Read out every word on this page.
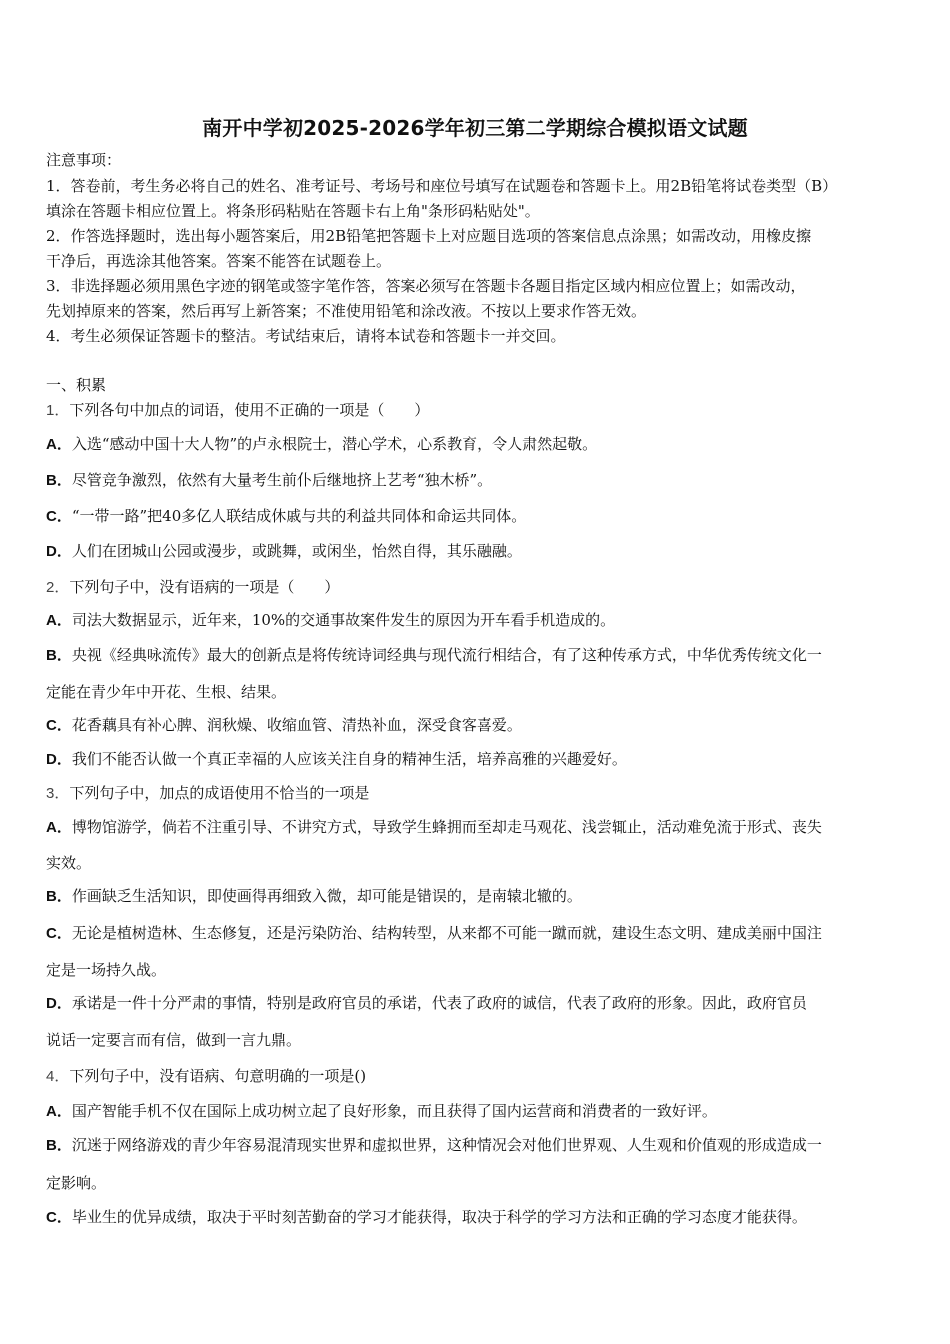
南开中学初2025-2026学年初三第二学期综合模拟语文试题
注意事项：
1．答卷前，考生务必将自己的姓名、准考证号、考场号和座位号填写在试题卷和答题卡上。用2B铅笔将试卷类型（B）
填涂在答题卡相应位置上。将条形码粘贴在答题卡右上角"条形码粘贴处"。
2．作答选择题时，选出每小题答案后，用2B铅笔把答题卡上对应题目选项的答案信息点涂黑；如需改动，用橡皮擦
干净后，再选涂其他答案。答案不能答在试题卷上。
3．非选择题必须用黑色字迹的钢笔或签字笔作答，答案必须写在答题卡各题目指定区域内相应位置上；如需改动，
先划掉原来的答案，然后再写上新答案；不准使用铅笔和涂改液。不按以上要求作答无效。
4．考生必须保证答题卡的整洁。考试结束后，请将本试卷和答题卡一并交回。
一、积累
1．下列各句中加点的词语，使用不正确的一项是（　　）
A．入选“感动中国十大人物”的卢永根院士，潜心学术，心系教育，令人肃然起敬。
B．尽管竞争激烈，依然有大量考生前仆后继地挤上艺考“独木桥”。
C．“一带一路”把40多亿人联结成休戚与共的利益共同体和命运共同体。
D．人们在团城山公园或漫步，或跳舞，或闲坐，怡然自得，其乐融融。
2．下列句子中，没有语病的一项是（　　）
A．司法大数据显示，近年来，10%的交通事故案件发生的原因为开车看手机造成的。
B．央视《经典咏流传》最大的创新点是将传统诗词经典与现代流行相结合，有了这种传承方式，中华优秀传统文化一
定能在青少年中开花、生根、结果。
C．花香藕具有补心脾、润秋燥、收缩血管、清热补血，深受食客喜爱。
D．我们不能否认做一个真正幸福的人应该关注自身的精神生活，培养高雅的兴趣爱好。
3．下列句子中，加点的成语使用不恰当的一项是
A．博物馆游学，倘若不注重引导、不讲究方式，导致学生蜂拥而至却走马观花、浅尝辄止，活动难免流于形式、丧失
实效。
B．作画缺乏生活知识，即使画得再细致入微，却可能是错误的，是南辕北辙的。
C．无论是植树造林、生态修复，还是污染防治、结构转型，从来都不可能一蹴而就，建设生态文明、建成美丽中国注
定是一场持久战。
D．承诺是一件十分严肃的事情，特别是政府官员的承诺，代表了政府的诚信，代表了政府的形象。因此，政府官员
说话一定要言而有信，做到一言九鼎。
4．下列句子中，没有语病、句意明确的一项是()
A．国产智能手机不仅在国际上成功树立起了良好形象，而且获得了国内运营商和消费者的一致好评。
B．沉迷于网络游戏的青少年容易混清现实世界和虚拟世界，这种情况会对他们世界观、人生观和价值观的形成造成一
定影响。
C．毕业生的优异成绩，取决于平时刻苦勤奋的学习才能获得，取决于科学的学习方法和正确的学习态度才能获得。
